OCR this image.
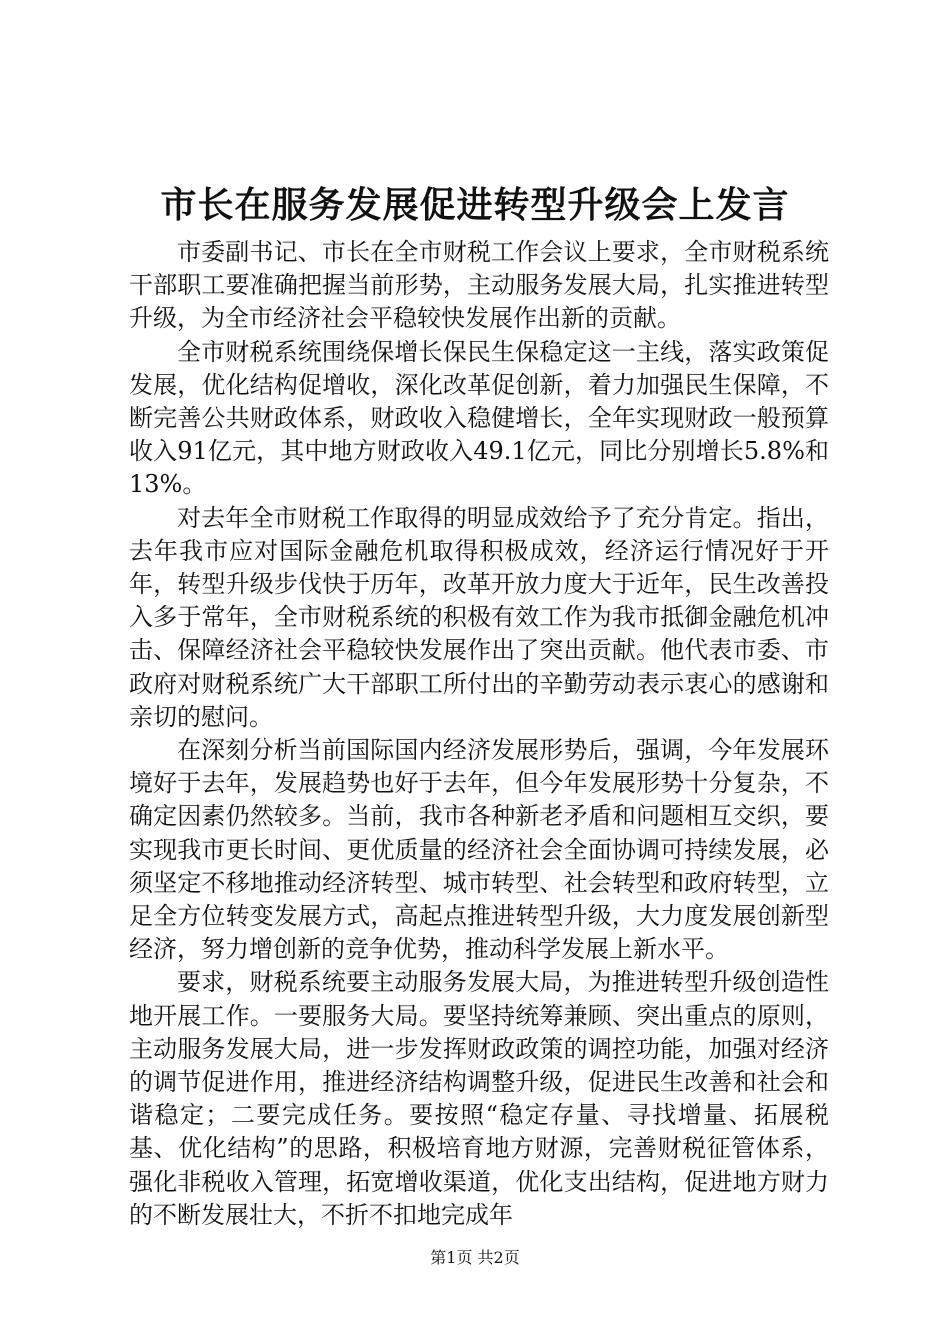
市长在服务发展促进转型升级会上发言

市委副书记、市长在全市财税工作会议上要求，全市财税系统干部职工要准确把握当前形势，主动服务发展大局，扎实推进转型升级，为全市经济社会平稳较快发展作出新的贡献。

全市财税系统围绕保增长保民生保稳定这一主线，落实政策促发展，优化结构促增收，深化改革促创新，着力加强民生保障，不断完善公共财政体系，财政收入稳健增长，全年实现财政一般预算收入91亿元，其中地方财政收入49.1亿元，同比分别增长5.8%和13%。

对去年全市财税工作取得的明显成效给予了充分肯定。指出，去年我市应对国际金融危机取得积极成效，经济运行情况好于开年，转型升级步伐快于历年，改革开放力度大于近年，民生改善投入多于常年，全市财税系统的积极有效工作为我市抵御金融危机冲击、保障经济社会平稳较快发展作出了突出贡献。他代表市委、市政府对财税系统广大干部职工所付出的辛勤劳动表示衷心的感谢和亲切的慰问。

在深刻分析当前国际国内经济发展形势后，强调，今年发展环境好于去年，发展趋势也好于去年，但今年发展形势十分复杂，不确定因素仍然较多。当前，我市各种新老矛盾和问题相互交织，要实现我市更长时间、更优质量的经济社会全面协调可持续发展，必须坚定不移地推动经济转型、城市转型、社会转型和政府转型，立足全方位转变发展方式，高起点推进转型升级，大力度发展创新型经济，努力增创新的竞争优势，推动科学发展上新水平。

要求，财税系统要主动服务发展大局，为推进转型升级创造性地开展工作。一要服务大局。要坚持统筹兼顾、突出重点的原则，主动服务发展大局，进一步发挥财政政策的调控功能，加强对经济的调节促进作用，推进经济结构调整升级，促进民生改善和社会和谐稳定；二要完成任务。要按照“稳定存量、寻找增量、拓展税基、优化结构”的思路，积极培育地方财源，完善财税征管体系，强化非税收入管理，拓宽增收渠道，优化支出结构，促进地方财力的不断发展壮大，不折不扣地完成年

第1页 共2页
